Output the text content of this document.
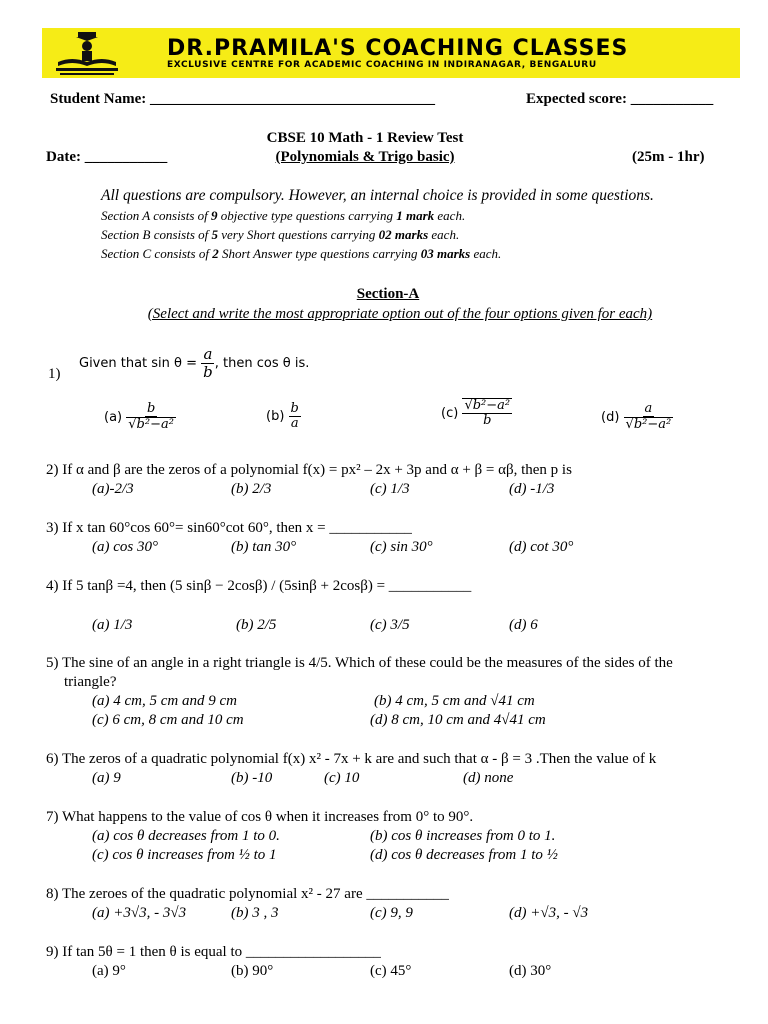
DR.PRAMILA'S COACHING CLASSES
EXCLUSIVE CENTRE FOR ACADEMIC COACHING IN INDIRANAGAR, BENGALURU
Student Name: ______________________________________	Expected score: ___________
CBSE 10 Math - 1 Review Test
(Polynomials & Trigo basic)
Date: ___________	(25m - 1hr)
All questions are compulsory. However, an internal choice is provided in some questions.
Section A consists of 9 objective type questions carrying 1 mark each.
Section B consists of 5 very Short questions carrying 02 marks each.
Section C consists of 2 Short Answer type questions carrying 03 marks each.
Section-A
(Select and write the most appropriate option out of the four options given for each)
1)
Given that sin θ =
$\frac{a}{b}$ , then cos θ is.
(a)
$\frac{b}{\text{√b²−a²}}$	(b)
$\frac{b}{a}$	(c)
$\frac{\text{√b²−a²}}{b}$	(d)
$\frac{a}{\text{√b²−a²}}$
2) If α and β are the zeros of a polynomial f(x) = px² – 2x + 3p and α + β = αβ, then p is
(a)-2/3	(b) 2/3	(c) 1/3	(d) -1/3
3) If x tan 60°cos 60°= sin60°cot 60°, then x = ___________
(a) cos 30°	(b) tan 30°	(c) sin 30°	(d) cot 30°
4) If 5 tanβ =4, then (5 sinβ − 2cosβ) / (5sinβ + 2cosβ) = ___________
(a) 1/3	(b) 2/5	(c) 3/5	(d) 6
5) The sine of an angle in a right triangle is 4/5. Which of these could be the measures of the sides of the
triangle?
(a) 4 cm, 5 cm and 9 cm	(b) 4 cm, 5 cm and √41 cm
(c) 6 cm, 8 cm and 10 cm	(d) 8 cm, 10 cm and 4√41 cm
6) The zeros of a quadratic polynomial f(x) x² - 7x + k are and such that α - β = 3 .Then the value of k
(a) 9	(b) -10	(c) 10	(d) none
7) What happens to the value of cos θ when it increases from 0° to 90°.
(a) cos θ decreases from 1 to 0.	(b) cos θ increases from 0 to 1.
(c) cos θ increases from ½ to 1	(d) cos θ decreases from 1 to ½
8) The zeroes of the quadratic polynomial x² - 27 are ___________
(a) +3√3, - 3√3	(b) 3 , 3	(c) 9, 9	(d) +√3, - √3
9) If tan 5θ = 1 then θ is equal to __________________
(a) 9°	(b) 90°	(c) 45°	(d) 30°
